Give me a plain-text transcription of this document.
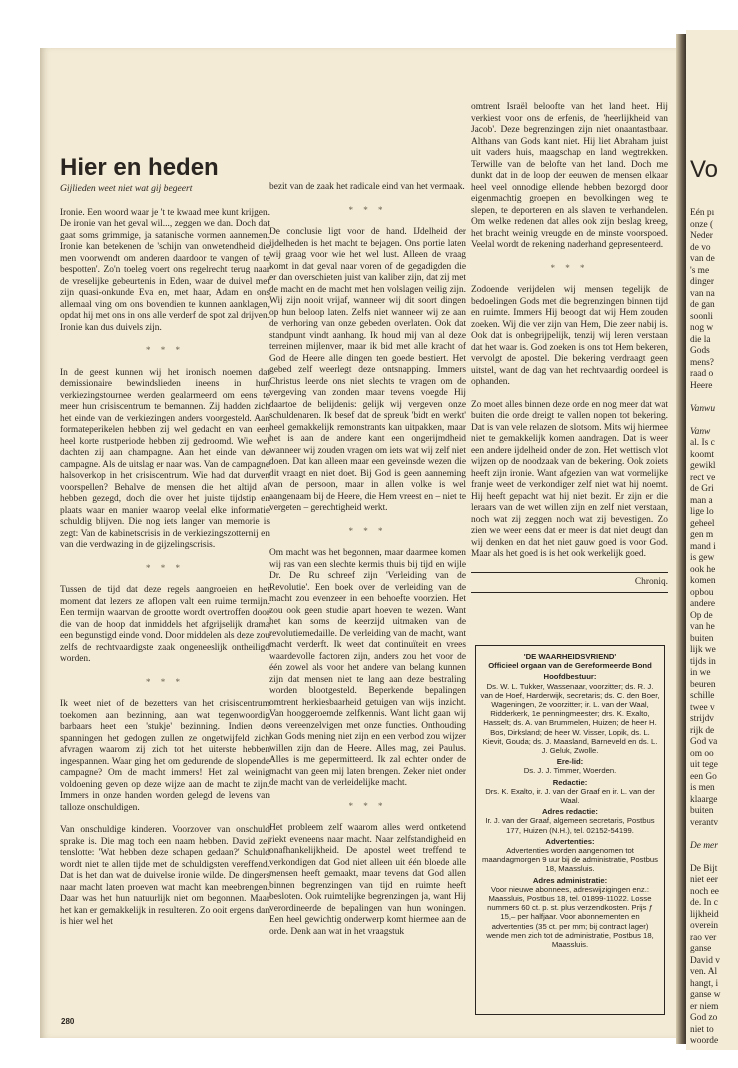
Vo
Eén pı
onze (
Neder
de vo
van de
's me
dinger
van na
de gan
soonli
nog w
die la
Gods
mens?
raad o
Heere
Vanwu
Vanw
al. Is c
koomt
gewikl
rect ve
de Gri
man a
lige lo
geheel
gen m
mand i
is gew
ook he
komen
opbou
andere
Op de
van he
buiten
lijk we
tijds in
in we
beuren
schille
twee v
strijdv
rijk de
God va
om oo
uit tege
een Go
is men
klaarge
buiten
verantv
De mer
De Bijt
niet eer
noch ee
de. In c
lijkheid
overein
rao ver
ganse
David v
ven. Al
hangt, i
ganse w
er niem
God zo
niet to
woorde
Hier en heden
Gijlieden weet niet wat gij begeert

Ironie. Een woord waar je 't te kwaad mee kunt krijgen. De ironie van het geval wil..., zeggen we dan. Doch dat gaat soms grimmige, ja satanische vormen aannemen. Ironie kan betekenen de 'schijn van onwetendheid die men voorwendt om anderen daardoor te vangen of te bespotten'. Zo'n toeleg voert ons regelrecht terug naar de vreselijke gebeurtenis in Eden, waar de duivel met zijn quasi-onkunde Eva en, met haar, Adam en ons allemaal ving om ons bovendien te kunnen aanklagen, opdat hij met ons in ons alle verderf de spot zal drijven. Ironie kan dus duivels zijn.

* * *

In de geest kunnen wij het ironisch noemen dat demissionaire bewindslieden ineens in hun verkiezingstournee werden gealarmeerd om eens te meer hun crisiscentrum te bemannen. Zij hadden zich het einde van de verkiezingen anders voorgesteld. Aan formateperikelen hebben zij wel gedacht en van een heel korte rustperiode hebben zij gedroomd. Wie wel dachten zij aan champagne. Aan het einde van de campagne. Als de uitslag er naar was. Van de campagne halsoverkop in het crisiscentrum. Wie had dat durven voorspellen? Behalve de mensen die het altijd al hebben gezegd, doch die over het juiste tijdstip en plaats waar en manier waarop veelal elke informatie schuldig blijven. Die nog iets langer van memorie is zegt: Van de kabinetscrisis in de verkiezingszotternij en van die verdwazing in de gijzelingscrisis.

* * *

Tussen de tijd dat deze regels aangroeien en het moment dat lezers ze aflopen valt een ruime termijn. Een termijn waarvan de grootte wordt overtroffen door die van de hoop dat inmiddels het afgrijselijk drama een begunstigd einde vond. Door middelen als deze zou zelfs de rechtvaardigste zaak ongeneeslijk ontheiligd worden.

* * *

Ik weet niet of de bezetters van het crisiscentrum toekomen aan bezinning, aan wat tegenwoordig barbaars heet een 'stukje' bezinning. Indien de spanningen het gedogen zullen ze ongetwijfeld zich afvragen waarom zij zich tot het uiterste hebben ingespannen. Waar ging het om gedurende de slopende campagne? Om de macht immers! Het zal weinig voldoening geven op deze wijze aan de macht te zijn. Immers in onze handen worden gelegd de levens van talloze onschuldigen.

Van onschuldige kinderen. Voorzover van onschuld sprake is. Die mag toch een naam hebben. David zei tenslotte: 'Wat hebben deze schapen gedaan?' Schuld wordt niet te allen tijde met de schuldigsten vereffend. Dat is het dan wat de duivelse ironie wilde. De dingers naar macht laten proeven wat macht kan meebrengen. Daar was het hun natuurlijk niet om begonnen. Maar het kan er gemakkelijk in resulteren. Zo ooit ergens dan is hier wel het

bezit van de zaak het radicale eind van het vermaak.

* * *

De conclusie ligt voor de hand. IJdelheid der ijdelheden is het macht te bejagen. Ons portie laten wij graag voor wie het wel lust. Alleen de vraag komt in dat geval naar voren of de gegadigden die er dan overschieten juist van kaliber zijn, dat zij met de macht en de macht met hen volslagen veilig zijn. Wij zijn nooit vrijaf, wanneer wij dit soort dingen op hun beloop laten. Zelfs niet wanneer wij ze aan de verhoring van onze gebeden overlaten. Ook dat standpunt vindt aanhang. Ik houd mij van al deze terreinen mijlenver, maar ik bid met alle kracht of God de Heere alle dingen ten goede bestiert. Het gebed zelf weerlegt deze ontsnapping. Immers Christus leerde ons niet slechts te vragen om de vergeving van zonden maar tevens voegde Hij daartoe de belijdenis: gelijk wij vergeven onze schuldenaren. Ik besef dat de spreuk 'bidt en werkt' heel gemakkelijk remonstrants kan uitpakken, maar het is aan de andere kant een ongerijmdheid wanneer wij zouden vragen om iets wat wij zelf niet doen. Dat kan alleen maar een geveinsde wezen die dit vraagt en niet doet. Bij God is geen aanneming van de persoon, maar in allen volke is wel aangenaam bij de Heere, die Hem vreest en – niet te vergeten – gerechtigheid werkt.

* * *

Om macht was het begonnen, maar daarmee komen wij ras van een slechte kermis thuis bij tijd en wijle Dr. De Ru schreef zijn 'Verleiding van de Revolutie'. Een boek over de verleiding van de macht zou evenzeer in een behoefte voorzien. Het zou ook geen studie apart hoeven te wezen. Want het kan soms de keerzijd uitmaken van de revolutiemedaille. De verleiding van de macht, want macht verderft. Ik weet dat continuïteit en vrees waardevolle factoren zijn, anders zou het voor de één zowel als voor het andere van belang kunnen zijn dat mensen niet te lang aan deze bestraling worden blootgesteld. Beperkende bepalingen omtrent herkiesbaarheid getuigen van wijs inzicht. Van hooggeroemde zelfkennis. Want licht gaan wij ons vereenzelvigen met onze functies. Onthouding kan Gods mening niet zijn en een verbod zou wijzer willen zijn dan de Heere. Alles mag, zei Paulus. Alles is me gepermitteerd. Ik zal echter onder de macht van geen mij laten brengen. Zeker niet onder de macht van de verleidelijke macht.

* * *

Het probleem zelf waarom alles werd ontketend riekt eveneens naar macht. Naar zelfstandigheid en onafhankelijkheid. De apostel weet treffend te verkondigen dat God niet alleen uit één bloede alle mensen heeft gemaakt, maar tevens dat God allen binnen begrenzingen van tijd en ruimte heeft besloten. Ook ruimtelijke begrenzingen ja, want Hij verordineerde de bepalingen van hun woningen. Een heel gewichtig onderwerp komt hiermee aan de orde. Denk aan wat in het vraagstuk

omtrent Israël beloofte van het land heet. Hij verkiest voor ons de erfenis, de 'heerlijkheid van Jacob'. Deze begrenzingen zijn niet onaantastbaar. Althans van Gods kant niet. Hij liet Abraham juist uit vaders huis, maagschap en land wegtrekken. Terwille van de belofte van het land. Doch me dunkt dat in de loop der eeuwen de mensen elkaar heel veel onnodige ellende hebben bezorgd door eigenmachtig groepen en bevolkingen weg te slepen, te deporteren en als slaven te verhandelen. Om welke redenen dat alles ook zijn beslag kreeg, het bracht weinig vreugde en de minste voorspoed. Veelal wordt de rekening naderhand gepresenteerd.

* * *

Zodoende verijdelen wij mensen tegelijk de bedoelingen Gods met die begrenzingen binnen tijd en ruimte. Immers Hij beoogt dat wij Hem zouden zoeken. Wij die ver zijn van Hem, Die zeer nabij is. Ook dat is onbegrijpelijk, tenzij wij leren verstaan dat het waar is. God zoeken is ons tot Hem bekeren, vervolgt de apostel. Die bekering verdraagt geen uitstel, want de dag van het rechtvaardig oordeel is ophanden.

Zo moet alles binnen deze orde en nog meer dat wat buiten die orde dreigt te vallen nopen tot bekering. Dat is van vele relazen de slotsom. Mits wij hiermee niet te gemakkelijk komen aandragen. Dat is weer een andere ijdelheid onder de zon. Het wettisch vlot wijzen op de noodzaak van de bekering. Ook zoiets heeft zijn ironie. Want afgezien van wat vormelijke franje weet de verkondiger zelf niet wat hij noemt. Hij heeft gepacht wat hij niet bezit. Er zijn er die leraars van de wet willen zijn en zelf niet verstaan, noch wat zij zeggen noch wat zij bevestigen. Zo zien we weer eens dat er meer is dat niet deugt dan wij denken en dat het niet gauw goed is voor God. Maar als het goed is is het ook werkelijk goed.

Chroniq.

'DE WAARHEIDSVRIEND'

Officieel orgaan van de Gereformeerde Bond

Hoofdbestuur:

Ds. W. L. Tukker, Wassenaar, voorzitter; ds. R. J. van de Hoef, Harderwijk, secretaris; ds. C. den Boer, Wageningen, 2e voorzitter; ir. L. van der Waal, Ridderkerk, 1e penningmeester; drs. K. Exalto, Hasselt; ds. A. van Brummelen, Huizen; de heer H. Bos, Dirksland; de heer W. Visser, Lopik, ds. L. Kievit, Gouda; ds. J. Maasland, Barneveld en ds. L. J. Geluk, Zwolle.

Ere-lid:

Ds. J. J. Timmer, Woerden.

Redactie:

Drs. K. Exalto, ir. J. van der Graaf en ir. L. van der Waal.

Adres redactie:

Ir. J. van der Graaf, algemeen secretaris, Postbus 177, Huizen (N.H.), tel. 02152-54199.

Advertenties:

Advertenties worden aangenomen tot maandagmorgen 9 uur bij de administratie, Postbus 18, Maassluis.

Adres administratie:

Voor nieuwe abonnees, adreswijzigingen enz.: Maassluis, Postbus 18, tel. 01899-11022. Losse nummers 60 ct. p. st. plus verzendkosten. Prijs ƒ 15,– per halfjaar. Voor abonnementen en advertenties (35 ct. per mm; bij contract lager) wende men zich tot de administratie, Postbus 18, Maassluis.

280
